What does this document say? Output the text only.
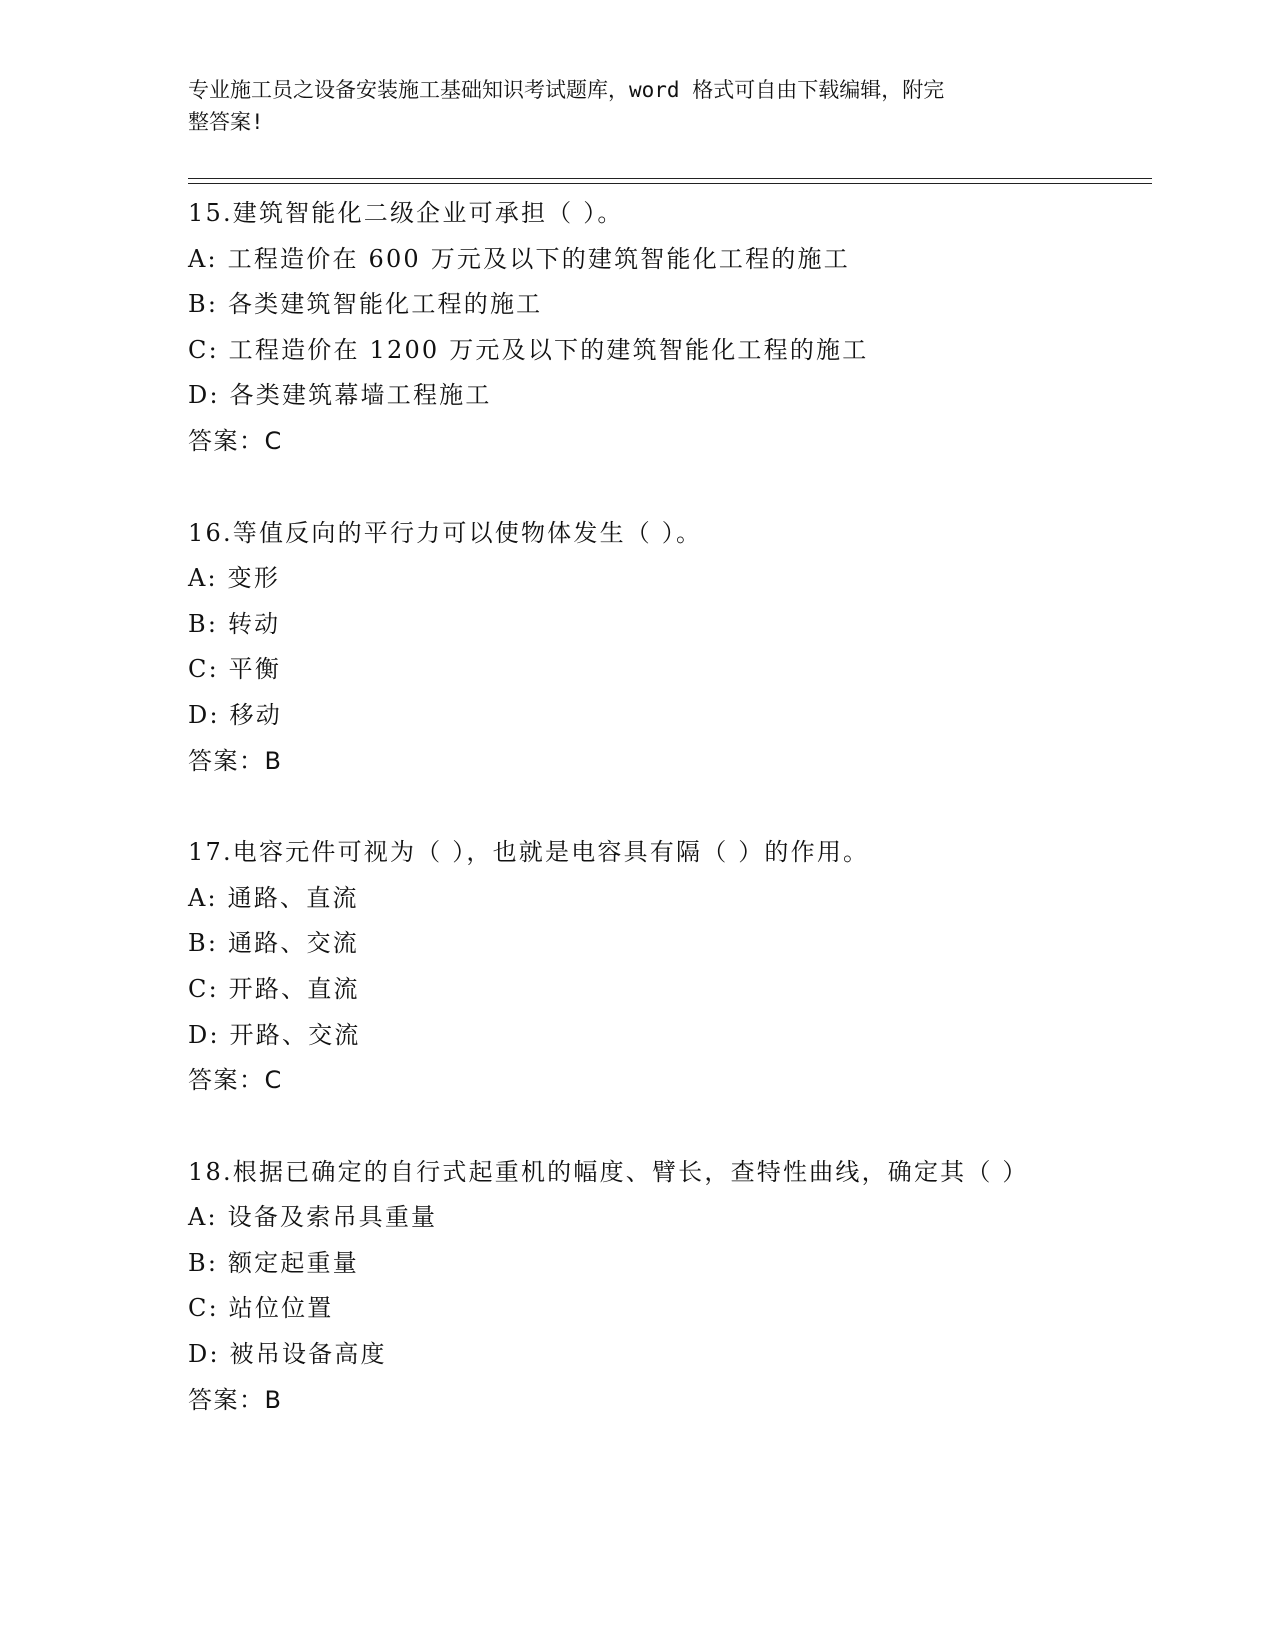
专业施工员之设备安装施工基础知识考试题库，word 格式可自由下载编辑，附完
整答案!
15.建筑智能化二级企业可承担（ ）。
A: 工程造价在 600 万元及以下的建筑智能化工程的施工
B: 各类建筑智能化工程的施工
C: 工程造价在 1200 万元及以下的建筑智能化工程的施工
D: 各类建筑幕墙工程施工
答案：C
16.等值反向的平行力可以使物体发生（ ）。
A: 变形
B: 转动
C: 平衡
D: 移动
答案：B
17.电容元件可视为（ ），也就是电容具有隔（ ）的作用。
A: 通路、直流
B: 通路、交流
C: 开路、直流
D: 开路、交流
答案：C
18.根据已确定的自行式起重机的幅度、臂长，查特性曲线，确定其（ ）
A: 设备及索吊具重量
B: 额定起重量
C: 站位位置
D: 被吊设备高度
答案：B
